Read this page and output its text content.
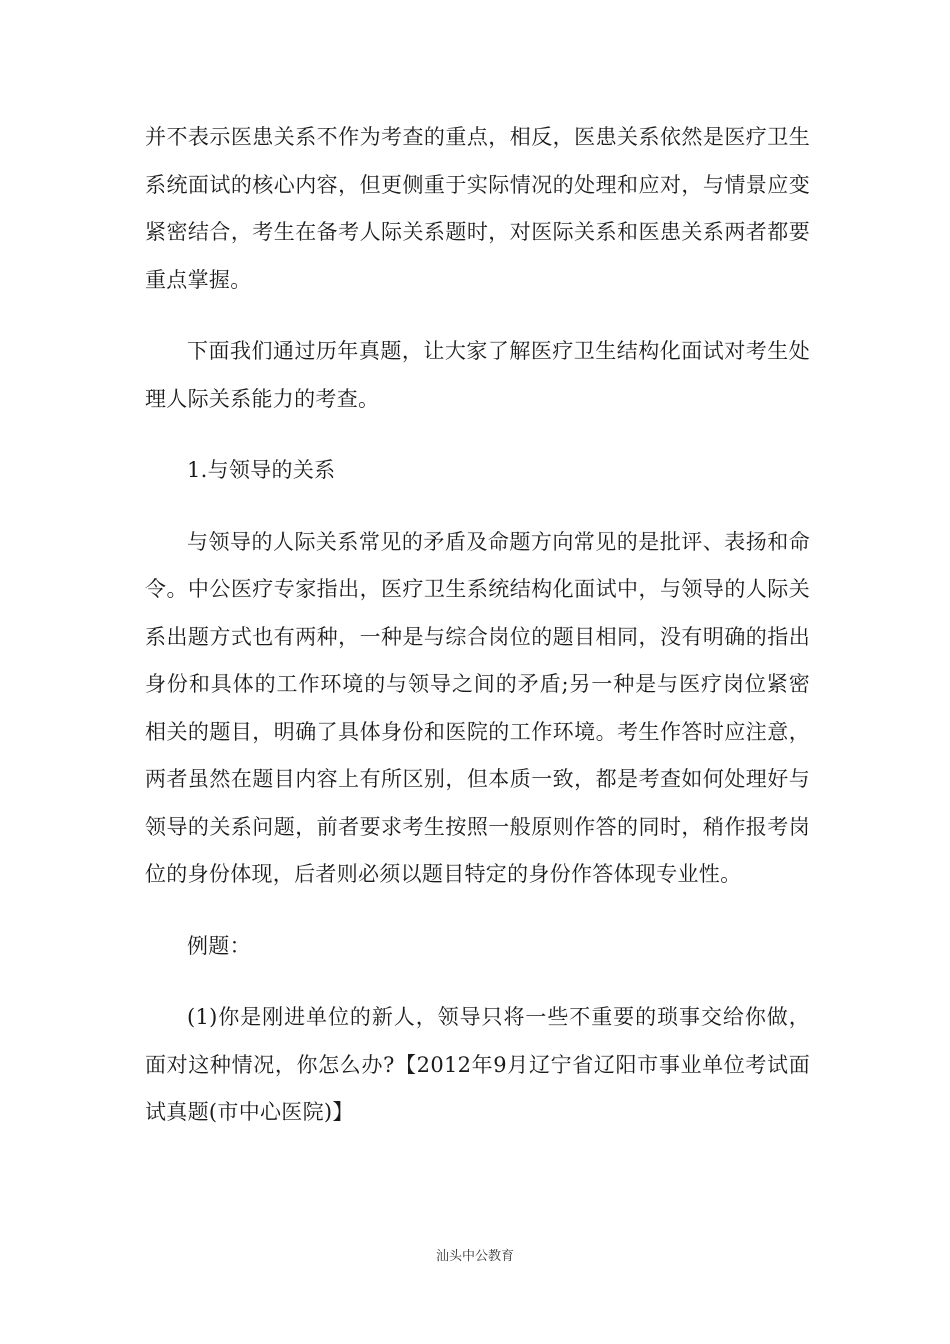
并不表示医患关系不作为考查的重点，相反，医患关系依然是医疗卫生系统面试的核心内容，但更侧重于实际情况的处理和应对，与情景应变紧密结合，考生在备考人际关系题时，对医际关系和医患关系两者都要重点掌握。

下面我们通过历年真题，让大家了解医疗卫生结构化面试对考生处理人际关系能力的考查。

1.与领导的关系

与领导的人际关系常见的矛盾及命题方向常见的是批评、表扬和命令。中公医疗专家指出，医疗卫生系统结构化面试中，与领导的人际关系出题方式也有两种，一种是与综合岗位的题目相同，没有明确的指出身份和具体的工作环境的与领导之间的矛盾;另一种是与医疗岗位紧密相关的题目，明确了具体身份和医院的工作环境。考生作答时应注意，两者虽然在题目内容上有所区别，但本质一致，都是考查如何处理好与领导的关系问题，前者要求考生按照一般原则作答的同时，稍作报考岗位的身份体现，后者则必须以题目特定的身份作答体现专业性。

例题：

(1)你是刚进单位的新人，领导只将一些不重要的琐事交给你做，面对这种情况，你怎么办?【2012年9月辽宁省辽阳市事业单位考试面试真题(市中心医院)】

汕头中公教育
